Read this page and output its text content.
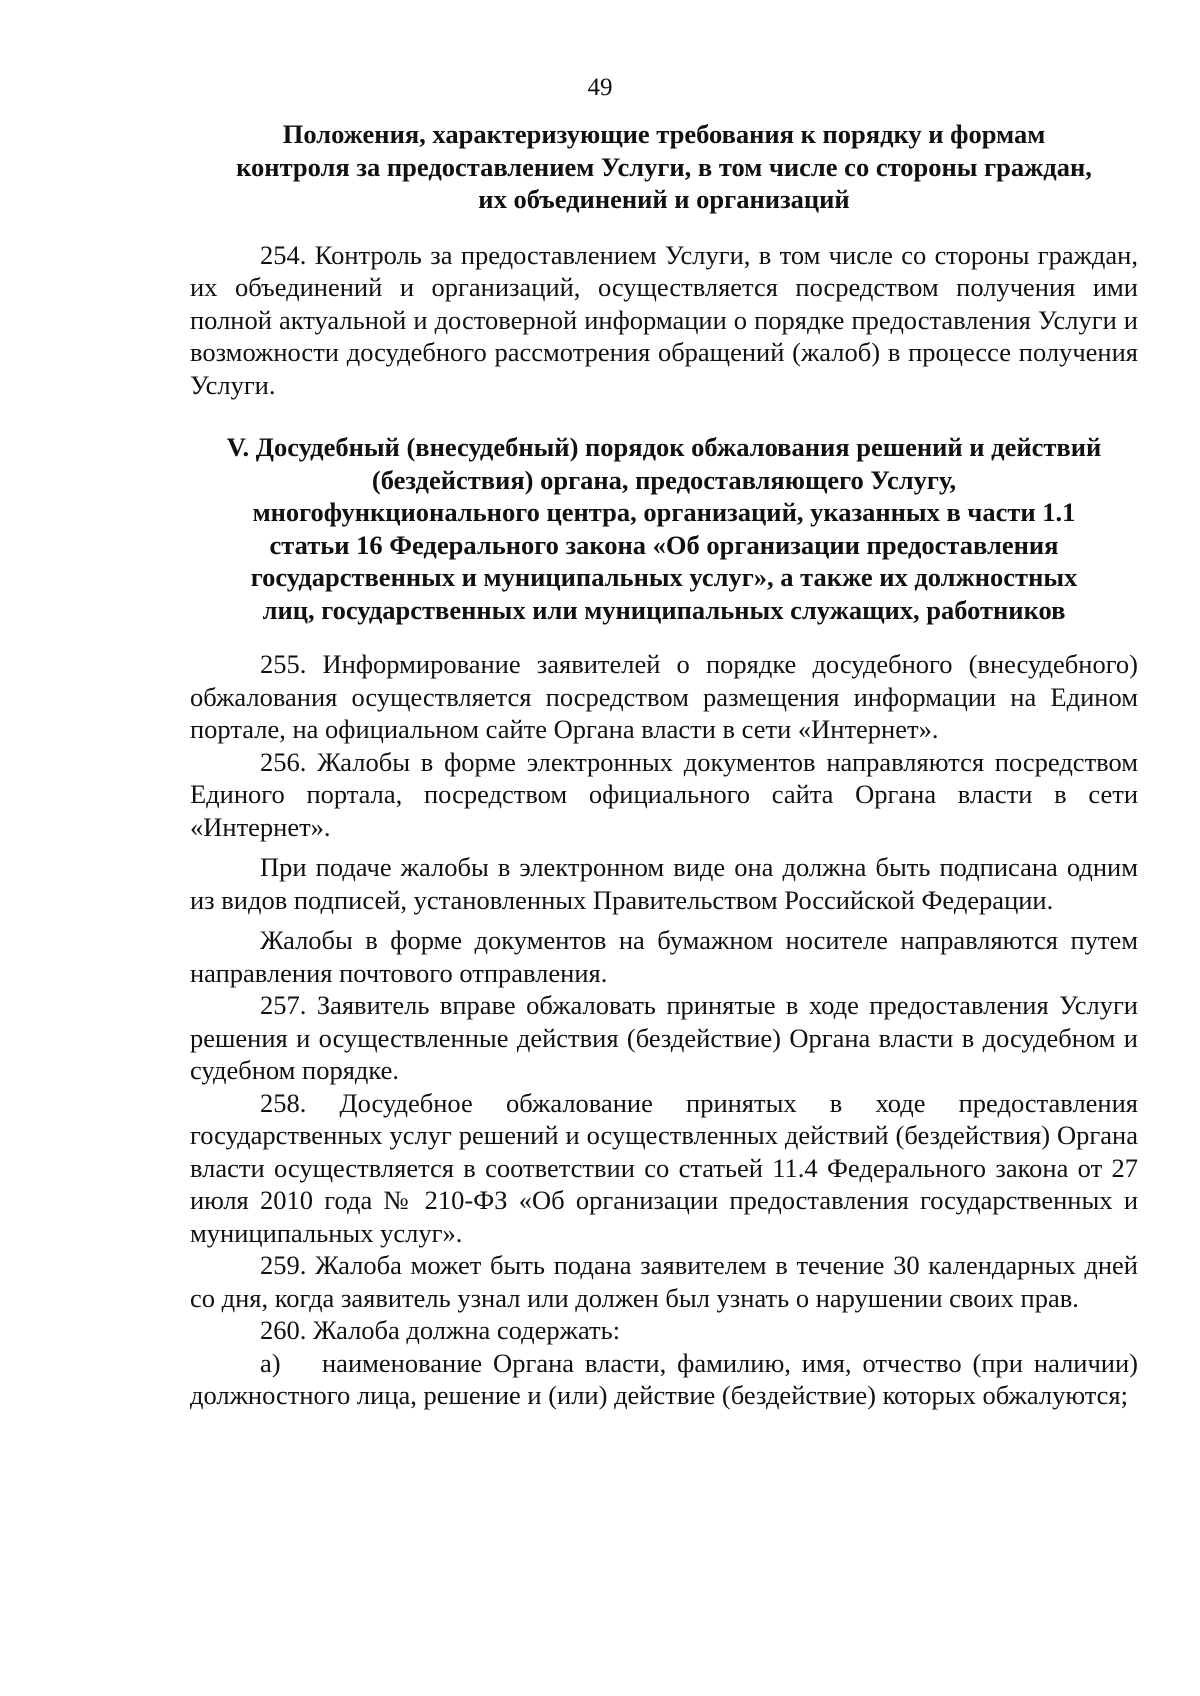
49
Положения, характеризующие требования к порядку и формам
контроля за предоставлением Услуги, в том числе со стороны граждан,
их объединений и организаций

254. Контроль за предоставлением Услуги, в том числе со стороны граждан, их объединений и организаций, осуществляется посредством получения ими полной актуальной и достоверной информации о порядке предоставления Услуги и возможности досудебного рассмотрения обращений (жалоб) в процессе получения Услуги.

V. Досудебный (внесудебный) порядок обжалования решений и действий
(бездействия) органа, предоставляющего Услугу,
многофункционального центра, организаций, указанных в части 1.1
статьи 16 Федерального закона «Об организации предоставления
государственных и муниципальных услуг», а также их должностных
лиц, государственных или муниципальных служащих, работников

255. Информирование заявителей о порядке досудебного (внесудебного) обжалования осуществляется посредством размещения информации на Едином портале, на официальном сайте Органа власти в сети «Интернет».

256. Жалобы в форме электронных документов направляются посредством Единого портала, посредством официального сайта Органа власти в сети «Интернет».

При подаче жалобы в электронном виде она должна быть подписана одним из видов подписей, установленных Правительством Российской Федерации.

Жалобы в форме документов на бумажном носителе направляются путем направления почтового отправления.

257. Заявитель вправе обжаловать принятые в ходе предоставления Услуги решения и осуществленные действия (бездействие) Органа власти в досудебном и судебном порядке.

258. Досудебное обжалование принятых в ходе предоставления государственных услуг решений и осуществленных действий (бездействия) Органа власти осуществляется в соответствии со статьей 11.4 Федерального закона от 27 июля 2010 года № 210-ФЗ «Об организации предоставления государственных и муниципальных услуг».

259. Жалоба может быть подана заявителем в течение 30 календарных дней со дня, когда заявитель узнал или должен был узнать о нарушении своих прав.

260. Жалоба должна содержать:

а) наименование Органа власти, фамилию, имя, отчество (при наличии) должностного лица, решение и (или) действие (бездействие) которых обжалуются;
